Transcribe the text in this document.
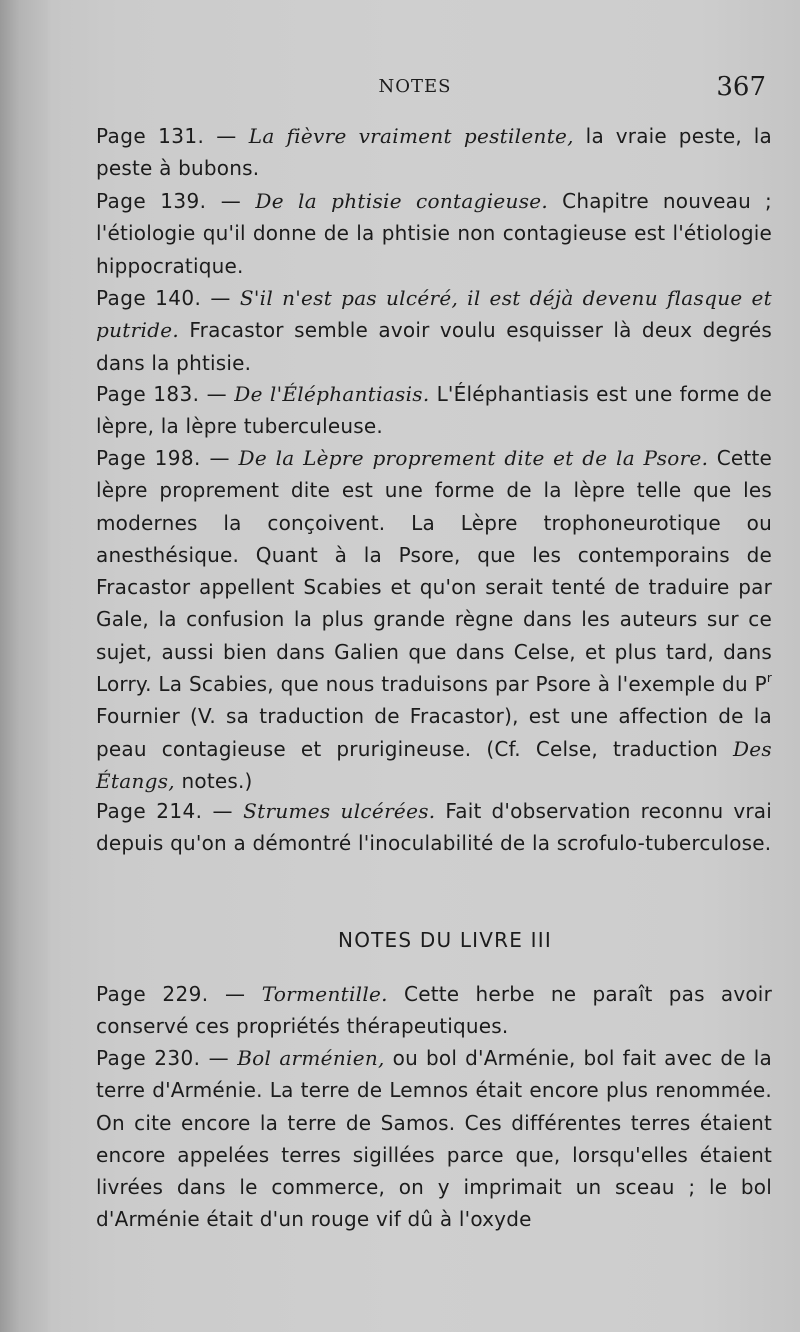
NOTES	367

Page 131. — La fièvre vraiment pestilente, la vraie peste, la peste à bubons.

Page 139. — De la phtisie contagieuse. Chapitre nouveau ; l'étiologie qu'il donne de la phtisie non contagieuse est l'étiologie hippocratique.

Page 140. — S'il n'est pas ulcéré, il est déjà devenu flasque et putride. Fracastor semble avoir voulu esquisser là deux degrés dans la phtisie.

Page 183. — De l'Éléphantiasis. L'Éléphantiasis est une forme de lèpre, la lèpre tuberculeuse.

Page 198. — De la Lèpre proprement dite et de la Psore. Cette lèpre proprement dite est une forme de la lèpre telle que les modernes la conçoivent. La Lèpre trophoneurotique ou anesthésique. Quant à la Psore, que les contemporains de Fracastor appellent Scabies et qu'on serait tenté de traduire par Gale, la confusion la plus grande règne dans les auteurs sur ce sujet, aussi bien dans Galien que dans Celse, et plus tard, dans Lorry. La Scabies, que nous traduisons par Psore à l'exemple du $P^r$ Fournier (V. sa traduction de Fracastor), est une affection de la peau contagieuse et prurigineuse. (Cf. Celse, traduction Des Étangs, notes.)

Page 214. — Strumes ulcérées. Fait d'observation reconnu vrai depuis qu'on a démontré l'inoculabilité de la scrofulo-tuberculose.

NOTES DU LIVRE III

Page 229. — Tormentille. Cette herbe ne paraît pas avoir conservé ces propriétés thérapeutiques.

Page 230. — Bol arménien, ou bol d'Arménie, bol fait avec de la terre d'Arménie. La terre de Lemnos était encore plus renommée. On cite encore la terre de Samos. Ces différentes terres étaient encore appelées terres sigillées parce que, lorsqu'elles étaient livrées dans le commerce, on y imprimait un sceau ; le bol d'Arménie était d'un rouge vif dû à l'oxyde
